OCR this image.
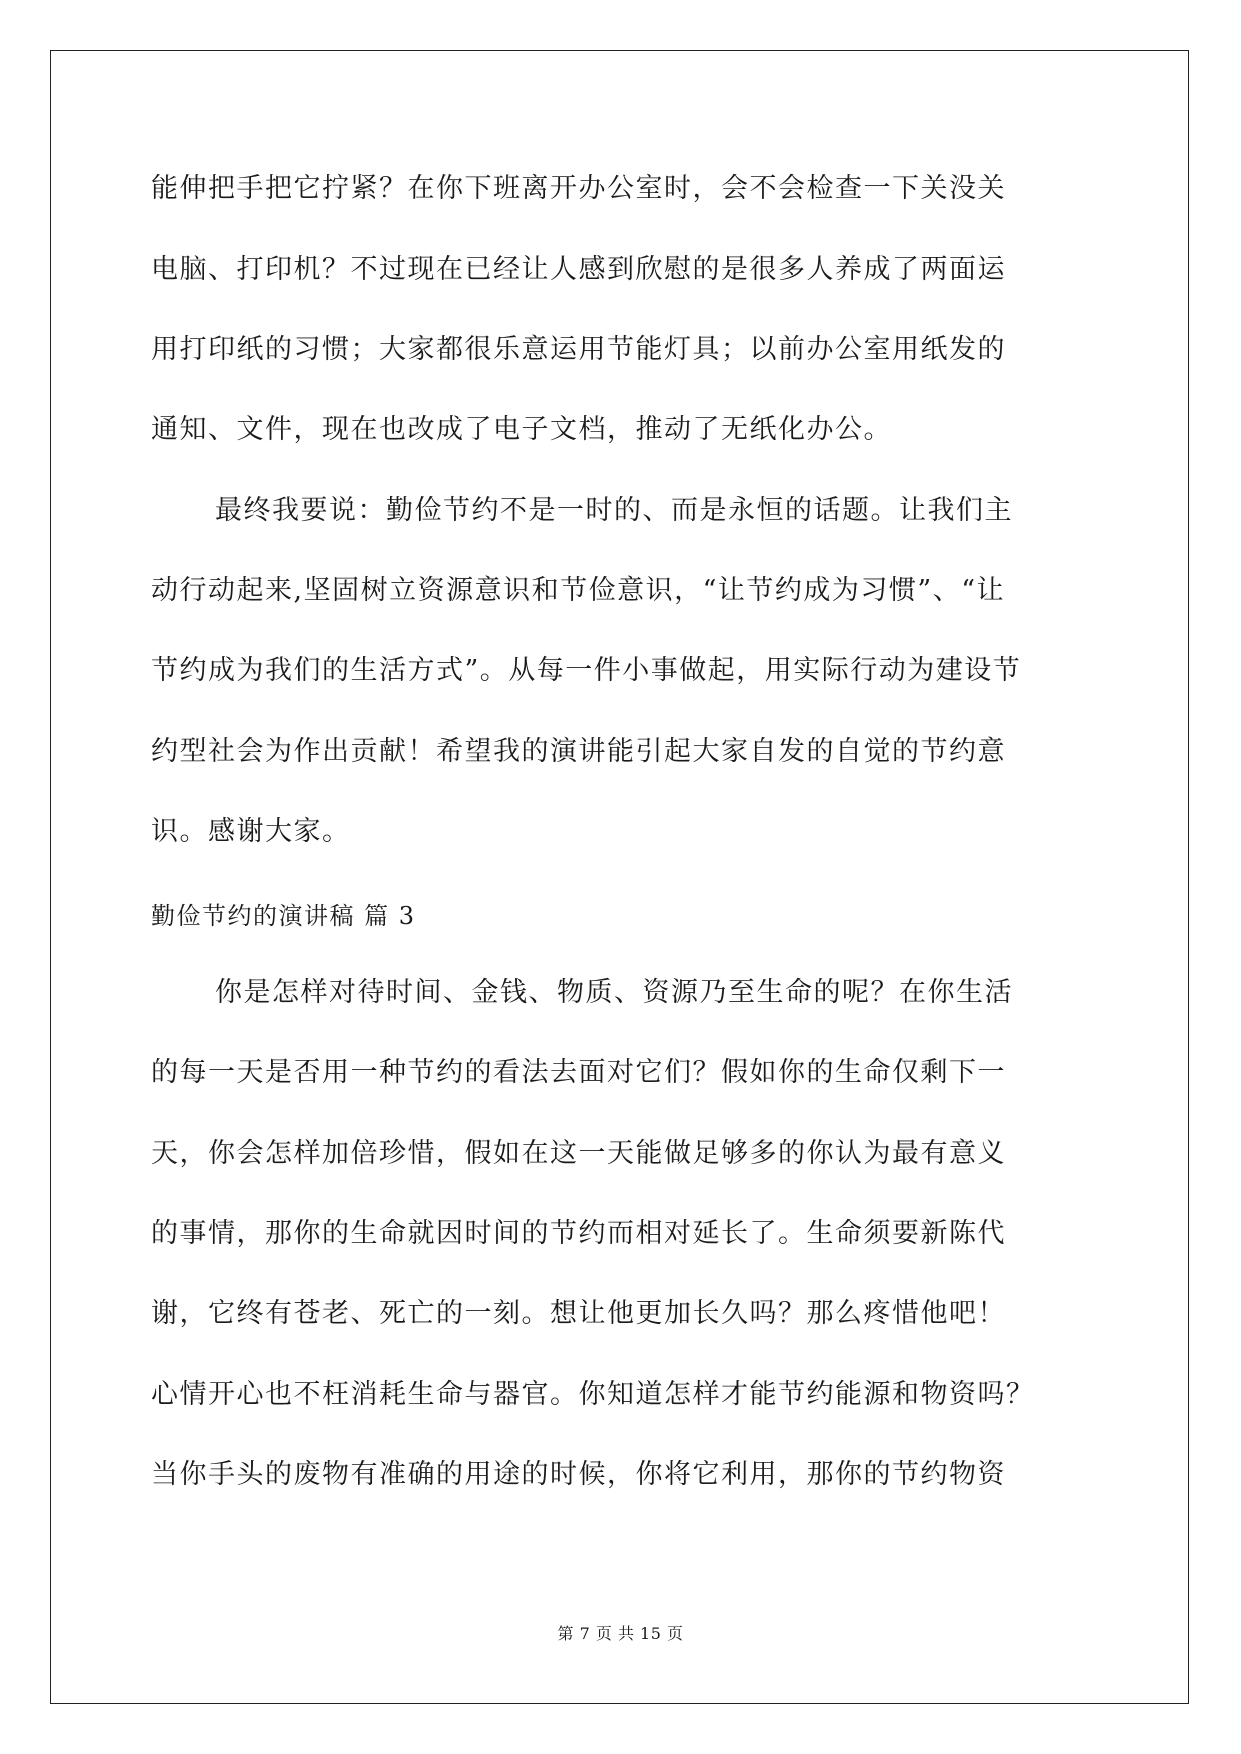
能伸把手把它拧紧？在你下班离开办公室时，会不会检查一下关没关
电脑、打印机？不过现在已经让人感到欣慰的是很多人养成了两面运
用打印纸的习惯；大家都很乐意运用节能灯具；以前办公室用纸发的
通知、文件，现在也改成了电子文档，推动了无纸化办公。
最终我要说：勤俭节约不是一时的、而是永恒的话题。让我们主
动行动起来,坚固树立资源意识和节俭意识，“让节约成为习惯”、“让
节约成为我们的生活方式”。从每一件小事做起，用实际行动为建设节
约型社会为作出贡献！希望我的演讲能引起大家自发的自觉的节约意
识。感谢大家。
勤俭节约的演讲稿 篇 3
你是怎样对待时间、金钱、物质、资源乃至生命的呢？在你生活
的每一天是否用一种节约的看法去面对它们？假如你的生命仅剩下一
天，你会怎样加倍珍惜，假如在这一天能做足够多的你认为最有意义
的事情，那你的生命就因时间的节约而相对延长了。生命须要新陈代
谢，它终有苍老、死亡的一刻。想让他更加长久吗？那么疼惜他吧！
心情开心也不枉消耗生命与器官。你知道怎样才能节约能源和物资吗？
当你手头的废物有准确的用途的时候，你将它利用，那你的节约物资
第 7 页 共 15 页
